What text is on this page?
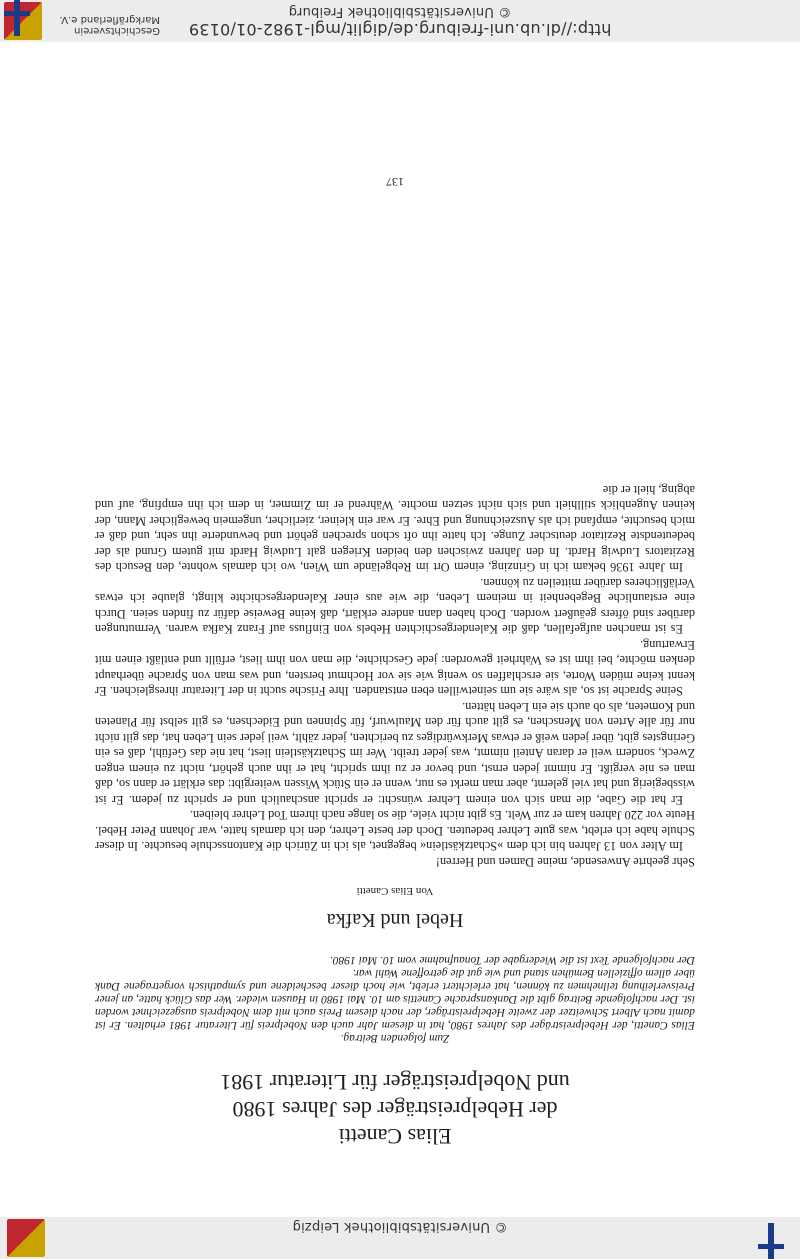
© Universitätsbibliothek Leipzig
Elias Canetti
der Hebelpreisträger des Jahres 1980
und Nobelpreisträger für Literatur 1981

Zum folgenden Beitrag.

Elias Canetti, der Hebelpreisträger des Jahres 1980, hat in diesem Jahr auch den Nobelpreis für Literatur 1981 erhalten. Er ist damit nach Albert Schweitzer der zweite Hebelpreisträger, der nach diesem Preis auch mit dem Nobelpreis ausgezeichnet worden ist. Der nachfolgende Beitrag gibt die Dankansprache Canettis am 10. Mai 1980 in Hausen wieder. Wer das Glück hatte, an jener Preisverleihung teilnehmen zu können, hat erleichtert erlebt, wie hoch dieser bescheidene und sympathisch vorgetragene Dank über allem offiziellen Bemühen stand und wie gut die getroffene Wahl war.

Der nachfolgende Text ist die Wiedergabe der Tonaufnahme vom 10. Mai 1980.

Hebel und Kafka
Von Elias Canetti

Sehr geehrte Anwesende, meine Damen und Herren!

Im Alter von 13 Jahren bin ich dem »Schatzkästlein« begegnet, als ich in Zürich die Kantonsschule besuchte. In dieser Schule habe ich erlebt, was gute Lehrer bedeuten. Doch der beste Lehrer, den ich damals hatte, war Johann Peter Hebel. Heute vor 220 Jahren kam er zur Welt. Es gibt nicht viele, die so lange nach ihrem Tod Lehrer bleiben.

Er hat die Gabe, die man sich von einem Lehrer wünscht: er spricht anschaulich und er spricht zu jedem. Er ist wissbegierig und hat viel gelernt, aber man merkt es nur, wenn er ein Stück Wissen weitergibt: das erklärt er dann so, daß man es nie vergißt. Er nimmt jeden ernst, und bevor er zu ihm spricht, hat er ihn auch gehört, nicht zu einem engen Zweck, sondern weil er daran Anteil nimmt, was jeder treibt. Wer im Schatzkästlein liest, hat nie das Gefühl, daß es ein Geringstes gibt, über jeden weiß er etwas Merkwürdiges zu berichten, jeder zählt, weil jeder sein Leben hat, das gilt nicht nur für alle Arten von Menschen, es gilt auch für den Maulwurf, für Spinnen und Eidechsen, es gilt selbst für Planeten und Kometen, als ob auch sie ein Leben hätten.

Seine Sprache ist so, als wäre sie um seinetwillen eben entstanden. Ihre Frische sucht in der Literatur ihresgleichen. Er kennt keine müden Worte, sie erschlaffen so wenig wie sie vor Hochmut bersten, und was man von Sprache überhaupt denken möchte, bei ihm ist es Wahrheit geworden: jede Geschichte, die man von ihm liest, erfüllt und entläßt einen mit Erwartung.

Es ist manchen aufgefallen, daß die Kalendergeschichten Hebels von Einfluss auf Franz Kafka waren. Vermutungen darüber sind öfters geäußert worden. Doch haben dann andere erklärt, daß keine Beweise dafür zu finden seien. Durch eine erstaunliche Begebenheit in meinem Leben, die wie aus einer Kalendergeschichte klingt, glaube ich etwas Verläßlicheres darüber mitteilen zu können.

Im Jahre 1936 bekam ich in Grinzing, einem Ort im Rebgelände um Wien, wo ich damals wohnte, den Besuch des Rezitators Ludwig Hardt. In den Jahren zwischen den beiden Kriegen galt Ludwig Hardt mit gutem Grund als der bedeutendste Rezitator deutscher Zunge. Ich hatte ihn oft schon sprechen gehört und bewunderte ihn sehr, und daß er mich besuchte, empfand ich als Auszeichnung und Ehre. Er war ein kleiner, zierlicher, ungemein beweglicher Mann, der keinen Augenblick stillhielt und sich nicht setzen mochte. Während er im Zimmer, in dem ich ihn empfing, auf und abging, hielt er die

137
Geschichtsverein Markgräflerland e.V.
http://dl.ub.uni-freiburg.de/diglit/mgl-1982-01/0139
© Universitätsbibliothek Freiburg
